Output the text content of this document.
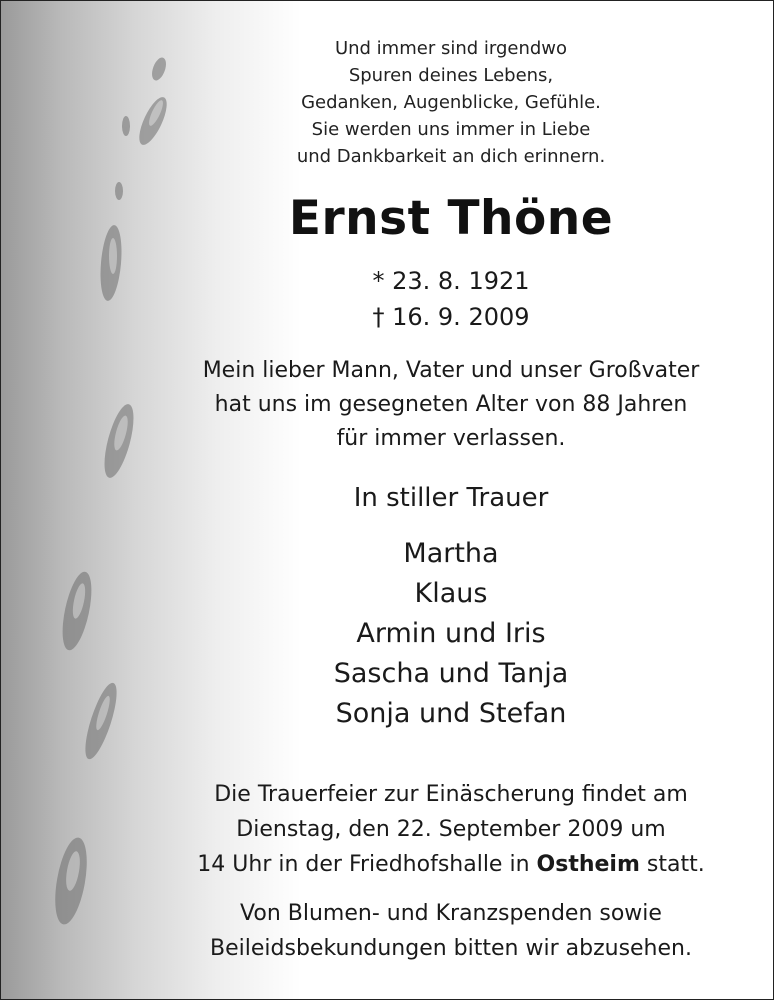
Und immer sind irgendwo
Spuren deines Lebens,
Gedanken, Augenblicke, Gefühle.
Sie werden uns immer in Liebe
und Dankbarkeit an dich erinnern.
Ernst Thöne
* 23. 8. 1921
† 16. 9. 2009
Mein lieber Mann, Vater und unser Großvater
hat uns im gesegneten Alter von 88 Jahren
für immer verlassen.
In stiller Trauer
Martha
Klaus
Armin und Iris
Sascha und Tanja
Sonja und Stefan
Die Trauerfeier zur Einäscherung findet am
Dienstag, den 22. September 2009 um
14 Uhr in der Friedhofshalle in Ostheim statt.
Von Blumen- und Kranzspenden sowie
Beileidsbekundungen bitten wir abzusehen.
